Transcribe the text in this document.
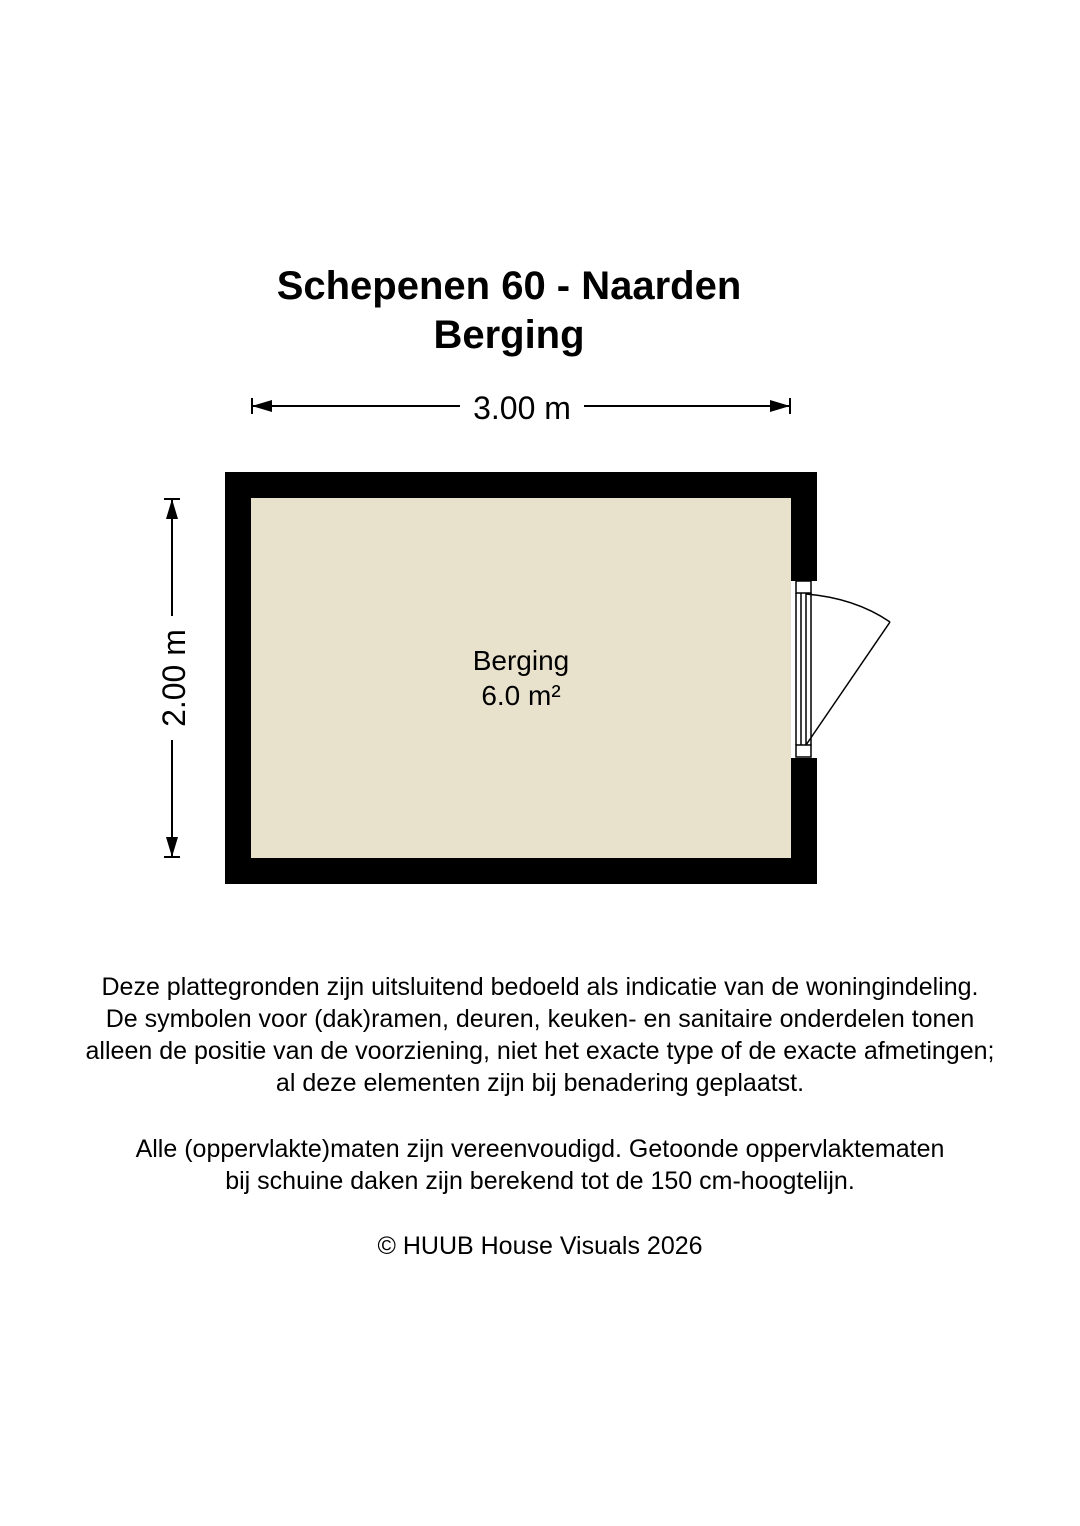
Schepenen 60 - Naarden
Berging
3.00 m
2.00 m	Berging
6.0 m²
Deze plattegronden zijn uitsluitend bedoeld als indicatie van de woningindeling.
De symbolen voor (dak)ramen, deuren, keuken- en sanitaire onderdelen tonen
alleen de positie van de voorziening, niet het exacte type of de exacte afmetingen;
al deze elementen zijn bij benadering geplaatst.
Alle (oppervlakte)maten zijn vereenvoudigd. Getoonde oppervlaktematen
bij schuine daken zijn berekend tot de 150 cm-hoogtelijn.
© HUUB House Visuals 2026
